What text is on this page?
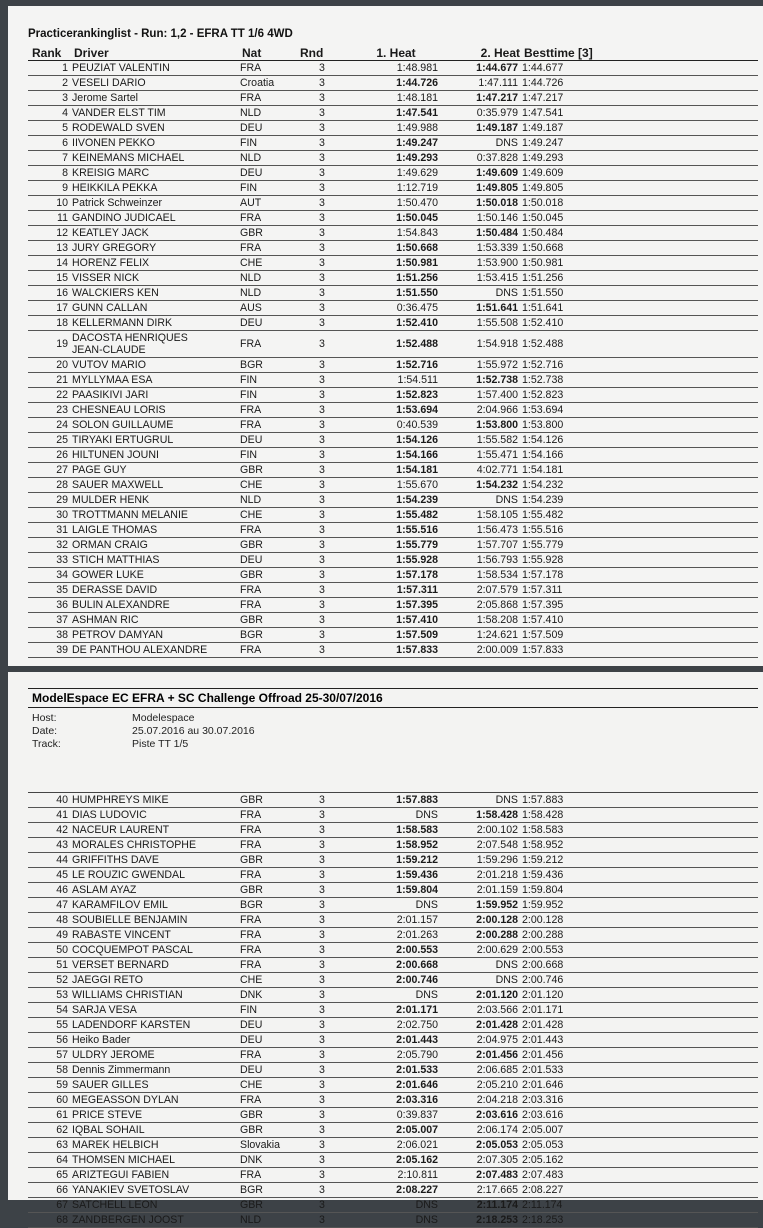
Practicerankinglist - Run: 1,2 - EFRA TT 1/6 4WD
Rank	Driver	Nat	Rnd	1. Heat	2. Heat	Besttime [3]
1	PEUZIAT VALENTIN	FRA	3	1:48.981	1:44.677	1:44.677
2	VESELI DARIO	Croatia	3	1:44.726	1:47.111	1:44.726
3	Jerome Sartel	FRA	3	1:48.181	1:47.217	1:47.217
4	VANDER ELST TIM	NLD	3	1:47.541	0:35.979	1:47.541
5	RODEWALD SVEN	DEU	3	1:49.988	1:49.187	1:49.187
6	IIVONEN PEKKO	FIN	3	1:49.247	DNS	1:49.247
7	KEINEMANS MICHAEL	NLD	3	1:49.293	0:37.828	1:49.293
8	KREISIG MARC	DEU	3	1:49.629	1:49.609	1:49.609
9	HEIKKILA PEKKA	FIN	3	1:12.719	1:49.805	1:49.805
10	Patrick Schweinzer	AUT	3	1:50.470	1:50.018	1:50.018
11	GANDINO JUDICAEL	FRA	3	1:50.045	1:50.146	1:50.045
12	KEATLEY JACK	GBR	3	1:54.843	1:50.484	1:50.484
13	JURY GREGORY	FRA	3	1:50.668	1:53.339	1:50.668
14	HORENZ FELIX	CHE	3	1:50.981	1:53.900	1:50.981
15	VISSER NICK	NLD	3	1:51.256	1:53.415	1:51.256
16	WALCKIERS KEN	NLD	3	1:51.550	DNS	1:51.550
17	GUNN CALLAN	AUS	3	0:36.475	1:51.641	1:51.641
18	KELLERMANN DIRK	DEU	3	1:52.410	1:55.508	1:52.410
19	DACOSTA HENRIQUES
JEAN-CLAUDE	FRA	3	1:52.488	1:54.918	1:52.488
20	VUTOV MARIO	BGR	3	1:52.716	1:55.972	1:52.716
21	MYLLYMAA ESA	FIN	3	1:54.511	1:52.738	1:52.738
22	PAASIKIVI JARI	FIN	3	1:52.823	1:57.400	1:52.823
23	CHESNEAU LORIS	FRA	3	1:53.694	2:04.966	1:53.694
24	SOLON GUILLAUME	FRA	3	0:40.539	1:53.800	1:53.800
25	TIRYAKI ERTUGRUL	DEU	3	1:54.126	1:55.582	1:54.126
26	HILTUNEN JOUNI	FIN	3	1:54.166	1:55.471	1:54.166
27	PAGE GUY	GBR	3	1:54.181	4:02.771	1:54.181
28	SAUER MAXWELL	CHE	3	1:55.670	1:54.232	1:54.232
29	MULDER HENK	NLD	3	1:54.239	DNS	1:54.239
30	TROTTMANN MELANIE	CHE	3	1:55.482	1:58.105	1:55.482
31	LAIGLE THOMAS	FRA	3	1:55.516	1:56.473	1:55.516
32	ORMAN CRAIG	GBR	3	1:55.779	1:57.707	1:55.779
33	STICH MATTHIAS	DEU	3	1:55.928	1:56.793	1:55.928
34	GOWER LUKE	GBR	3	1:57.178	1:58.534	1:57.178
35	DERASSE DAVID	FRA	3	1:57.311	2:07.579	1:57.311
36	BULIN ALEXANDRE	FRA	3	1:57.395	2:05.868	1:57.395
37	ASHMAN RIC	GBR	3	1:57.410	1:58.208	1:57.410
38	PETROV DAMYAN	BGR	3	1:57.509	1:24.621	1:57.509
39	DE PANTHOU ALEXANDRE	FRA	3	1:57.833	2:00.009	1:57.833
ModelEspace EC EFRA + SC Challenge Offroad 25-30/07/2016
Host:	Modelespace
Date:	25.07.2016 au 30.07.2016
Track:	Piste TT 1/5
40	HUMPHREYS MIKE	GBR	3	1:57.883	DNS	1:57.883
41	DIAS LUDOVIC	FRA	3	DNS	1:58.428	1:58.428
42	NACEUR LAURENT	FRA	3	1:58.583	2:00.102	1:58.583
43	MORALES CHRISTOPHE	FRA	3	1:58.952	2:07.548	1:58.952
44	GRIFFITHS DAVE	GBR	3	1:59.212	1:59.296	1:59.212
45	LE ROUZIC GWENDAL	FRA	3	1:59.436	2:01.218	1:59.436
46	ASLAM AYAZ	GBR	3	1:59.804	2:01.159	1:59.804
47	KARAMFILOV EMIL	BGR	3	DNS	1:59.952	1:59.952
48	SOUBIELLE BENJAMIN	FRA	3	2:01.157	2:00.128	2:00.128
49	RABASTE VINCENT	FRA	3	2:01.263	2:00.288	2:00.288
50	COCQUEMPOT PASCAL	FRA	3	2:00.553	2:00.629	2:00.553
51	VERSET BERNARD	FRA	3	2:00.668	DNS	2:00.668
52	JAEGGI RETO	CHE	3	2:00.746	DNS	2:00.746
53	WILLIAMS CHRISTIAN	DNK	3	DNS	2:01.120	2:01.120
54	SARJA VESA	FIN	3	2:01.171	2:03.566	2:01.171
55	LADENDORF KARSTEN	DEU	3	2:02.750	2:01.428	2:01.428
56	Heiko Bader	DEU	3	2:01.443	2:04.975	2:01.443
57	ULDRY JEROME	FRA	3	2:05.790	2:01.456	2:01.456
58	Dennis Zimmermann	DEU	3	2:01.533	2:06.685	2:01.533
59	SAUER GILLES	CHE	3	2:01.646	2:05.210	2:01.646
60	MEGEASSON DYLAN	FRA	3	2:03.316	2:04.218	2:03.316
61	PRICE STEVE	GBR	3	0:39.837	2:03.616	2:03.616
62	IQBAL SOHAIL	GBR	3	2:05.007	2:06.174	2:05.007
63	MAREK HELBICH	Slovakia	3	2:06.021	2:05.053	2:05.053
64	THOMSEN MICHAEL	DNK	3	2:05.162	2:07.305	2:05.162
65	ARIZTEGUI FABIEN	FRA	3	2:10.811	2:07.483	2:07.483
66	YANAKIEV SVETOSLAV	BGR	3	2:08.227	2:17.665	2:08.227
67	SATCHELL LEON	GBR	3	DNS	2:11.174	2:11.174
68	ZANDBERGEN JOOST	NLD	3	DNS	2:18.253	2:18.253
